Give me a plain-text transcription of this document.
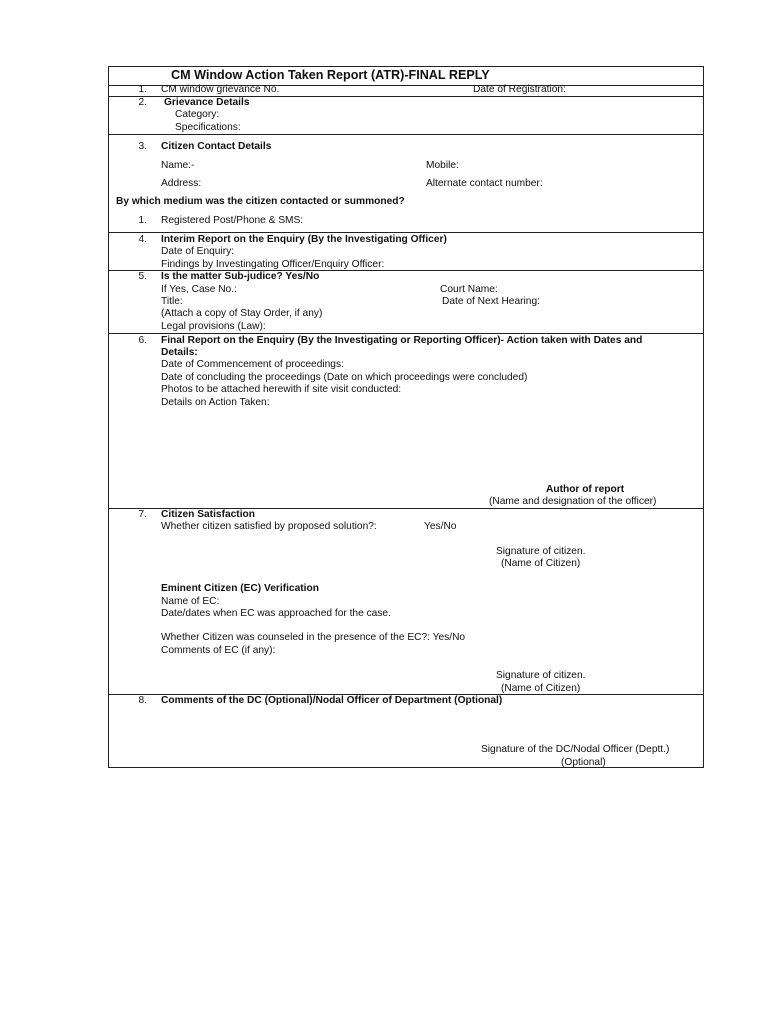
CM Window Action Taken Report (ATR)-FINAL REPLY
1. CM window grievance No.	Date of Registration:
2. Grievance Details
Category:
Specifications:
3. Citizen Contact Details
Name:-	Mobile:
Address:	Alternate contact number:
By which medium was the citizen contacted or summoned?
1. Registered Post/Phone & SMS:
4. Interim Report on the Enquiry (By the Investigating Officer)
Date of Enquiry:
Findings by Investingating Officer/Enquiry Officer:
5. Is the matter Sub-judice? Yes/No
If Yes, Case No.:	Court Name:
Title:	Date of Next Hearing:
(Attach a copy of Stay Order, if any)
Legal provisions (Law):
6. Final Report on the Enquiry (By the Investigating or Reporting Officer)- Action taken with Dates and
Details:
Date of Commencement of proceedings:
Date of concluding the proceedings (Date on which proceedings were concluded)
Photos to be attached herewith if site visit conducted:
Details on Action Taken:
Author of report
(Name and designation of the officer)
7. Citizen Satisfaction
Whether citizen satisfied by proposed solution?:	Yes/No
Signature of citizen.
(Name of Citizen)
Eminent Citizen (EC) Verification
Name of EC:
Date/dates when EC was approached for the case.
Whether Citizen was counseled in the presence of the EC?: Yes/No
Comments of EC (if any):
Signature of citizen.
(Name of Citizen)
8. Comments of the DC (Optional)/Nodal Officer of Department (Optional)
Signature of the DC/Nodal Officer (Deptt.)
(Optional)
